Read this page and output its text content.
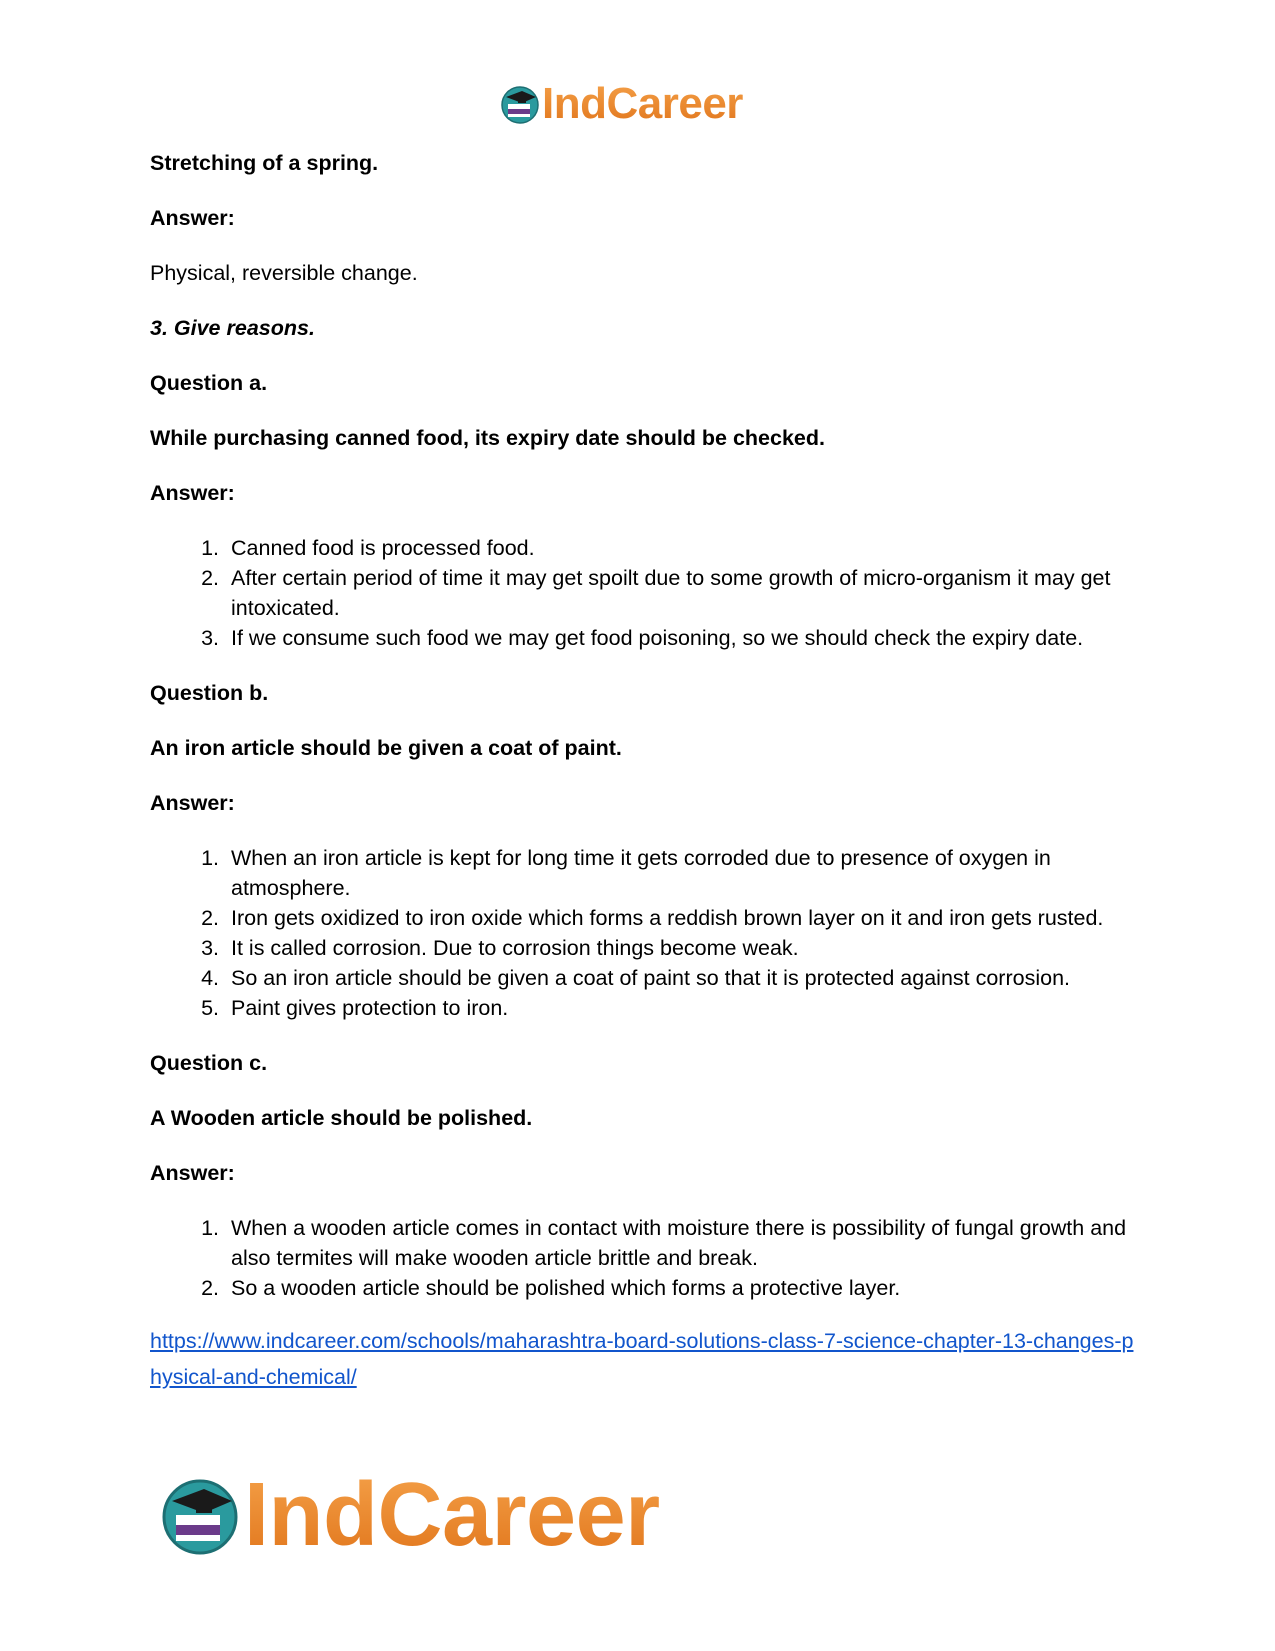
IndCareer

Stretching of a spring.

Answer:

Physical, reversible change.

3. Give reasons.

Question a.

While purchasing canned food, its expiry date should be checked.

Answer:

1. Canned food is processed food.
2. After certain period of time it may get spoilt due to some growth of micro-organism it may get intoxicated.
3. If we consume such food we may get food poisoning, so we should check the expiry date.

Question b.

An iron article should be given a coat of paint.

Answer:

1. When an iron article is kept for long time it gets corroded due to presence of oxygen in atmosphere.
2. Iron gets oxidized to iron oxide which forms a reddish brown layer on it and iron gets rusted.
3. It is called corrosion. Due to corrosion things become weak.
4. So an iron article should be given a coat of paint so that it is protected against corrosion.
5. Paint gives protection to iron.

Question c.

A Wooden article should be polished.

Answer:

1. When a wooden article comes in contact with moisture there is possibility of fungal growth and also termites will make wooden article brittle and break.
2. So a wooden article should be polished which forms a protective layer.
https://www.indcareer.com/schools/maharashtra-board-solutions-class-7-science-chapter-13-changes-physical-and-chemical/
IndCareer
